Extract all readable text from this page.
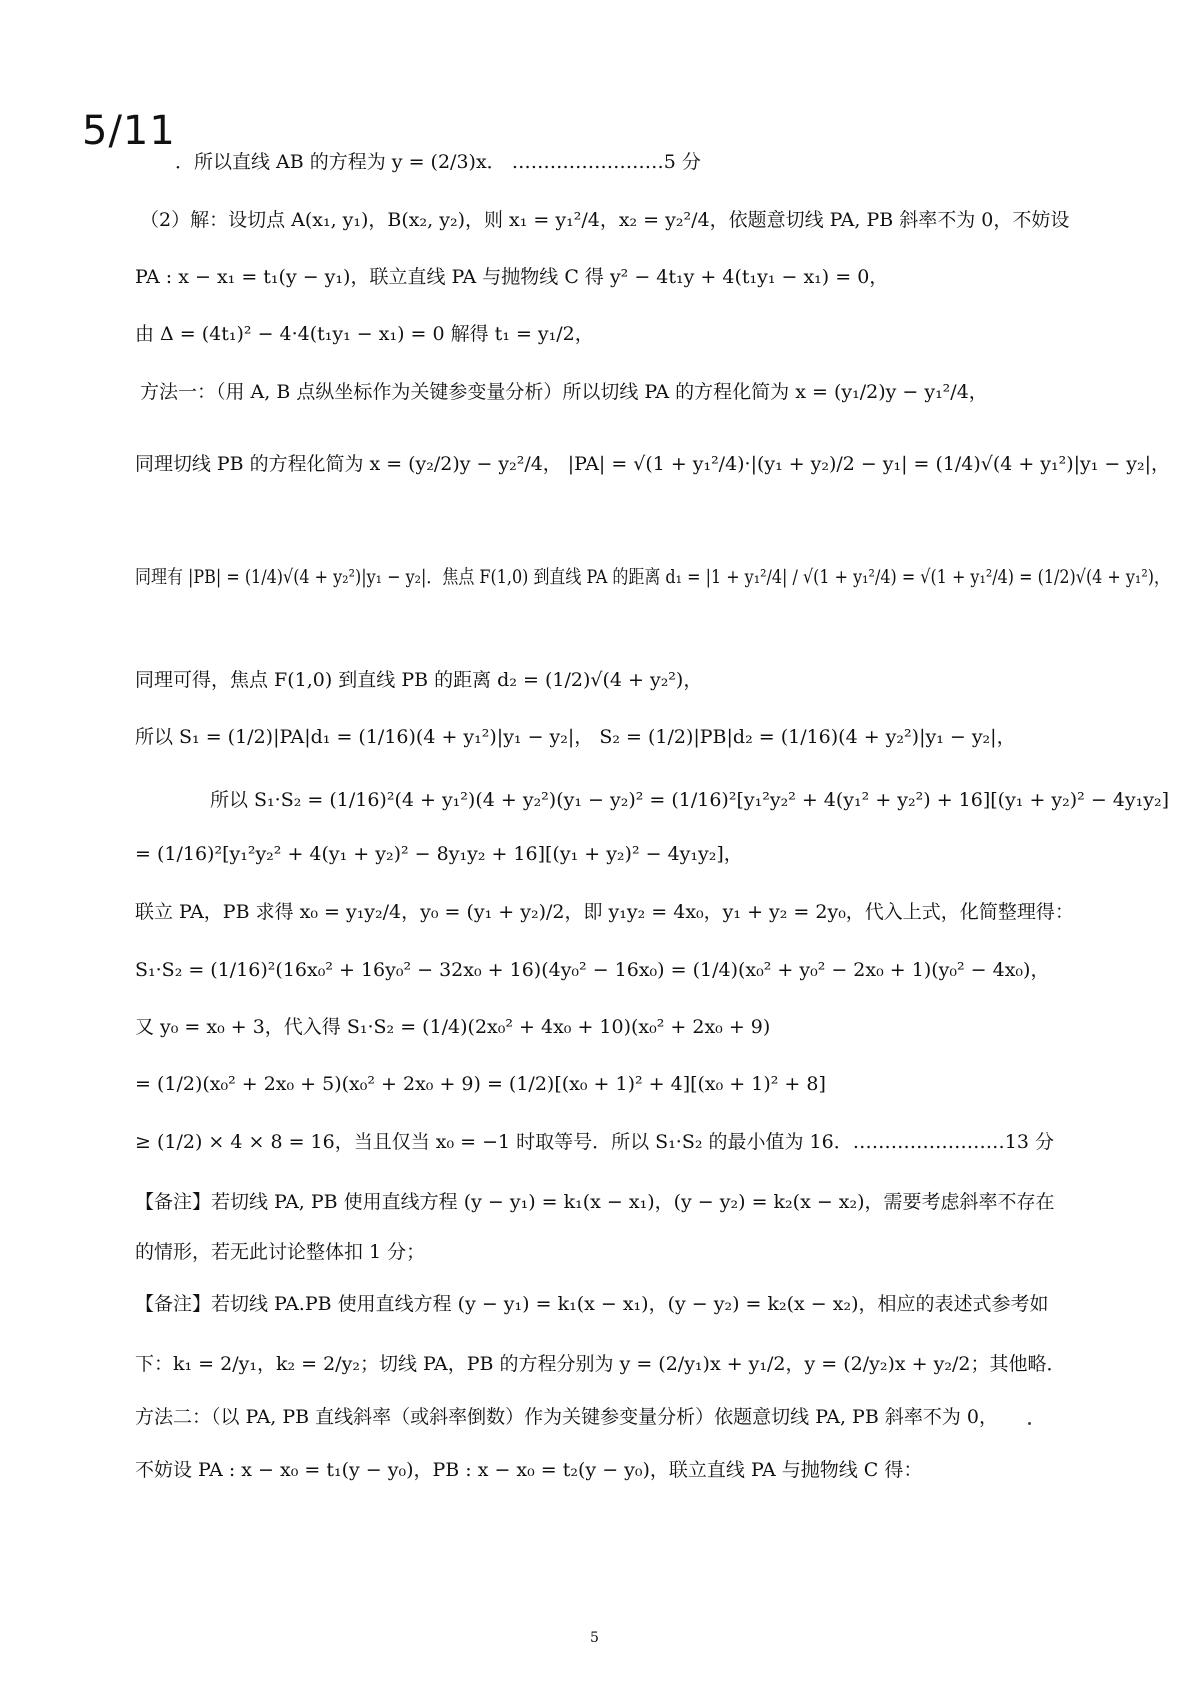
5/11
．所以直线 AB 的方程为 y = (2/3)x． ……………………5 分
（2）解：设切点 A(x₁, y₁)，B(x₂, y₂)，则 x₁ = y₁²/4，x₂ = y₂²/4，依题意切线 PA, PB 斜率不为 0，不妨设
PA : x − x₁ = t₁(y − y₁)，联立直线 PA 与抛物线 C 得 y² − 4t₁y + 4(t₁y₁ − x₁) = 0，
由 Δ = (4t₁)² − 4·4(t₁y₁ − x₁) = 0 解得 t₁ = y₁/2，
方法一：（用 A, B 点纵坐标作为关键参变量分析）所以切线 PA 的方程化简为 x = (y₁/2)y − y₁²/4，
同理切线 PB 的方程化简为 x = (y₂/2)y − y₂²/4， |PA| = √(1 + y₁²/4)·|(y₁ + y₂)/2 − y₁| = (1/4)√(4 + y₁²)|y₁ − y₂|，
同理有 |PB| = (1/4)√(4 + y₂²)|y₁ − y₂|．焦点 F(1,0) 到直线 PA 的距离 d₁ = |1 + y₁²/4| / √(1 + y₁²/4) = √(1 + y₁²/4) = (1/2)√(4 + y₁²)，
同理可得，焦点 F(1,0) 到直线 PB 的距离 d₂ = (1/2)√(4 + y₂²)，
所以 S₁ = (1/2)|PA|d₁ = (1/16)(4 + y₁²)|y₁ − y₂|， S₂ = (1/2)|PB|d₂ = (1/16)(4 + y₂²)|y₁ − y₂|，
所以 S₁·S₂ = (1/16)²(4 + y₁²)(4 + y₂²)(y₁ − y₂)² = (1/16)²[y₁²y₂² + 4(y₁² + y₂²) + 16][(y₁ + y₂)² − 4y₁y₂]
= (1/16)²[y₁²y₂² + 4(y₁ + y₂)² − 8y₁y₂ + 16][(y₁ + y₂)² − 4y₁y₂]，
联立 PA，PB 求得 x₀ = y₁y₂/4，y₀ = (y₁ + y₂)/2，即 y₁y₂ = 4x₀，y₁ + y₂ = 2y₀，代入上式，化简整理得：
S₁·S₂ = (1/16)²(16x₀² + 16y₀² − 32x₀ + 16)(4y₀² − 16x₀) = (1/4)(x₀² + y₀² − 2x₀ + 1)(y₀² − 4x₀)，
又 y₀ = x₀ + 3，代入得 S₁·S₂ = (1/4)(2x₀² + 4x₀ + 10)(x₀² + 2x₀ + 9)
= (1/2)(x₀² + 2x₀ + 5)(x₀² + 2x₀ + 9) = (1/2)[(x₀ + 1)² + 4][(x₀ + 1)² + 8]
≥ (1/2) × 4 × 8 = 16，当且仅当 x₀ = −1 时取等号．所以 S₁·S₂ 的最小值为 16．……………………13 分
【备注】若切线 PA, PB 使用直线方程 (y − y₁) = k₁(x − x₁)，(y − y₂) = k₂(x − x₂)，需要考虑斜率不存在
的情形，若无此讨论整体扣 1 分；
【备注】若切线 PA.PB 使用直线方程 (y − y₁) = k₁(x − x₁)，(y − y₂) = k₂(x − x₂)，相应的表述式参考如
下：k₁ = 2/y₁，k₂ = 2/y₂；切线 PA，PB 的方程分别为 y = (2/y₁)x + y₁/2，y = (2/y₂)x + y₂/2；其他略．
方法二：（以 PA, PB 直线斜率（或斜率倒数）作为关键参变量分析）依题意切线 PA, PB 斜率不为 0，
不妨设 PA : x − x₀ = t₁(y − y₀)，PB : x − x₀ = t₂(y − y₀)，联立直线 PA 与抛物线 C 得：
5
